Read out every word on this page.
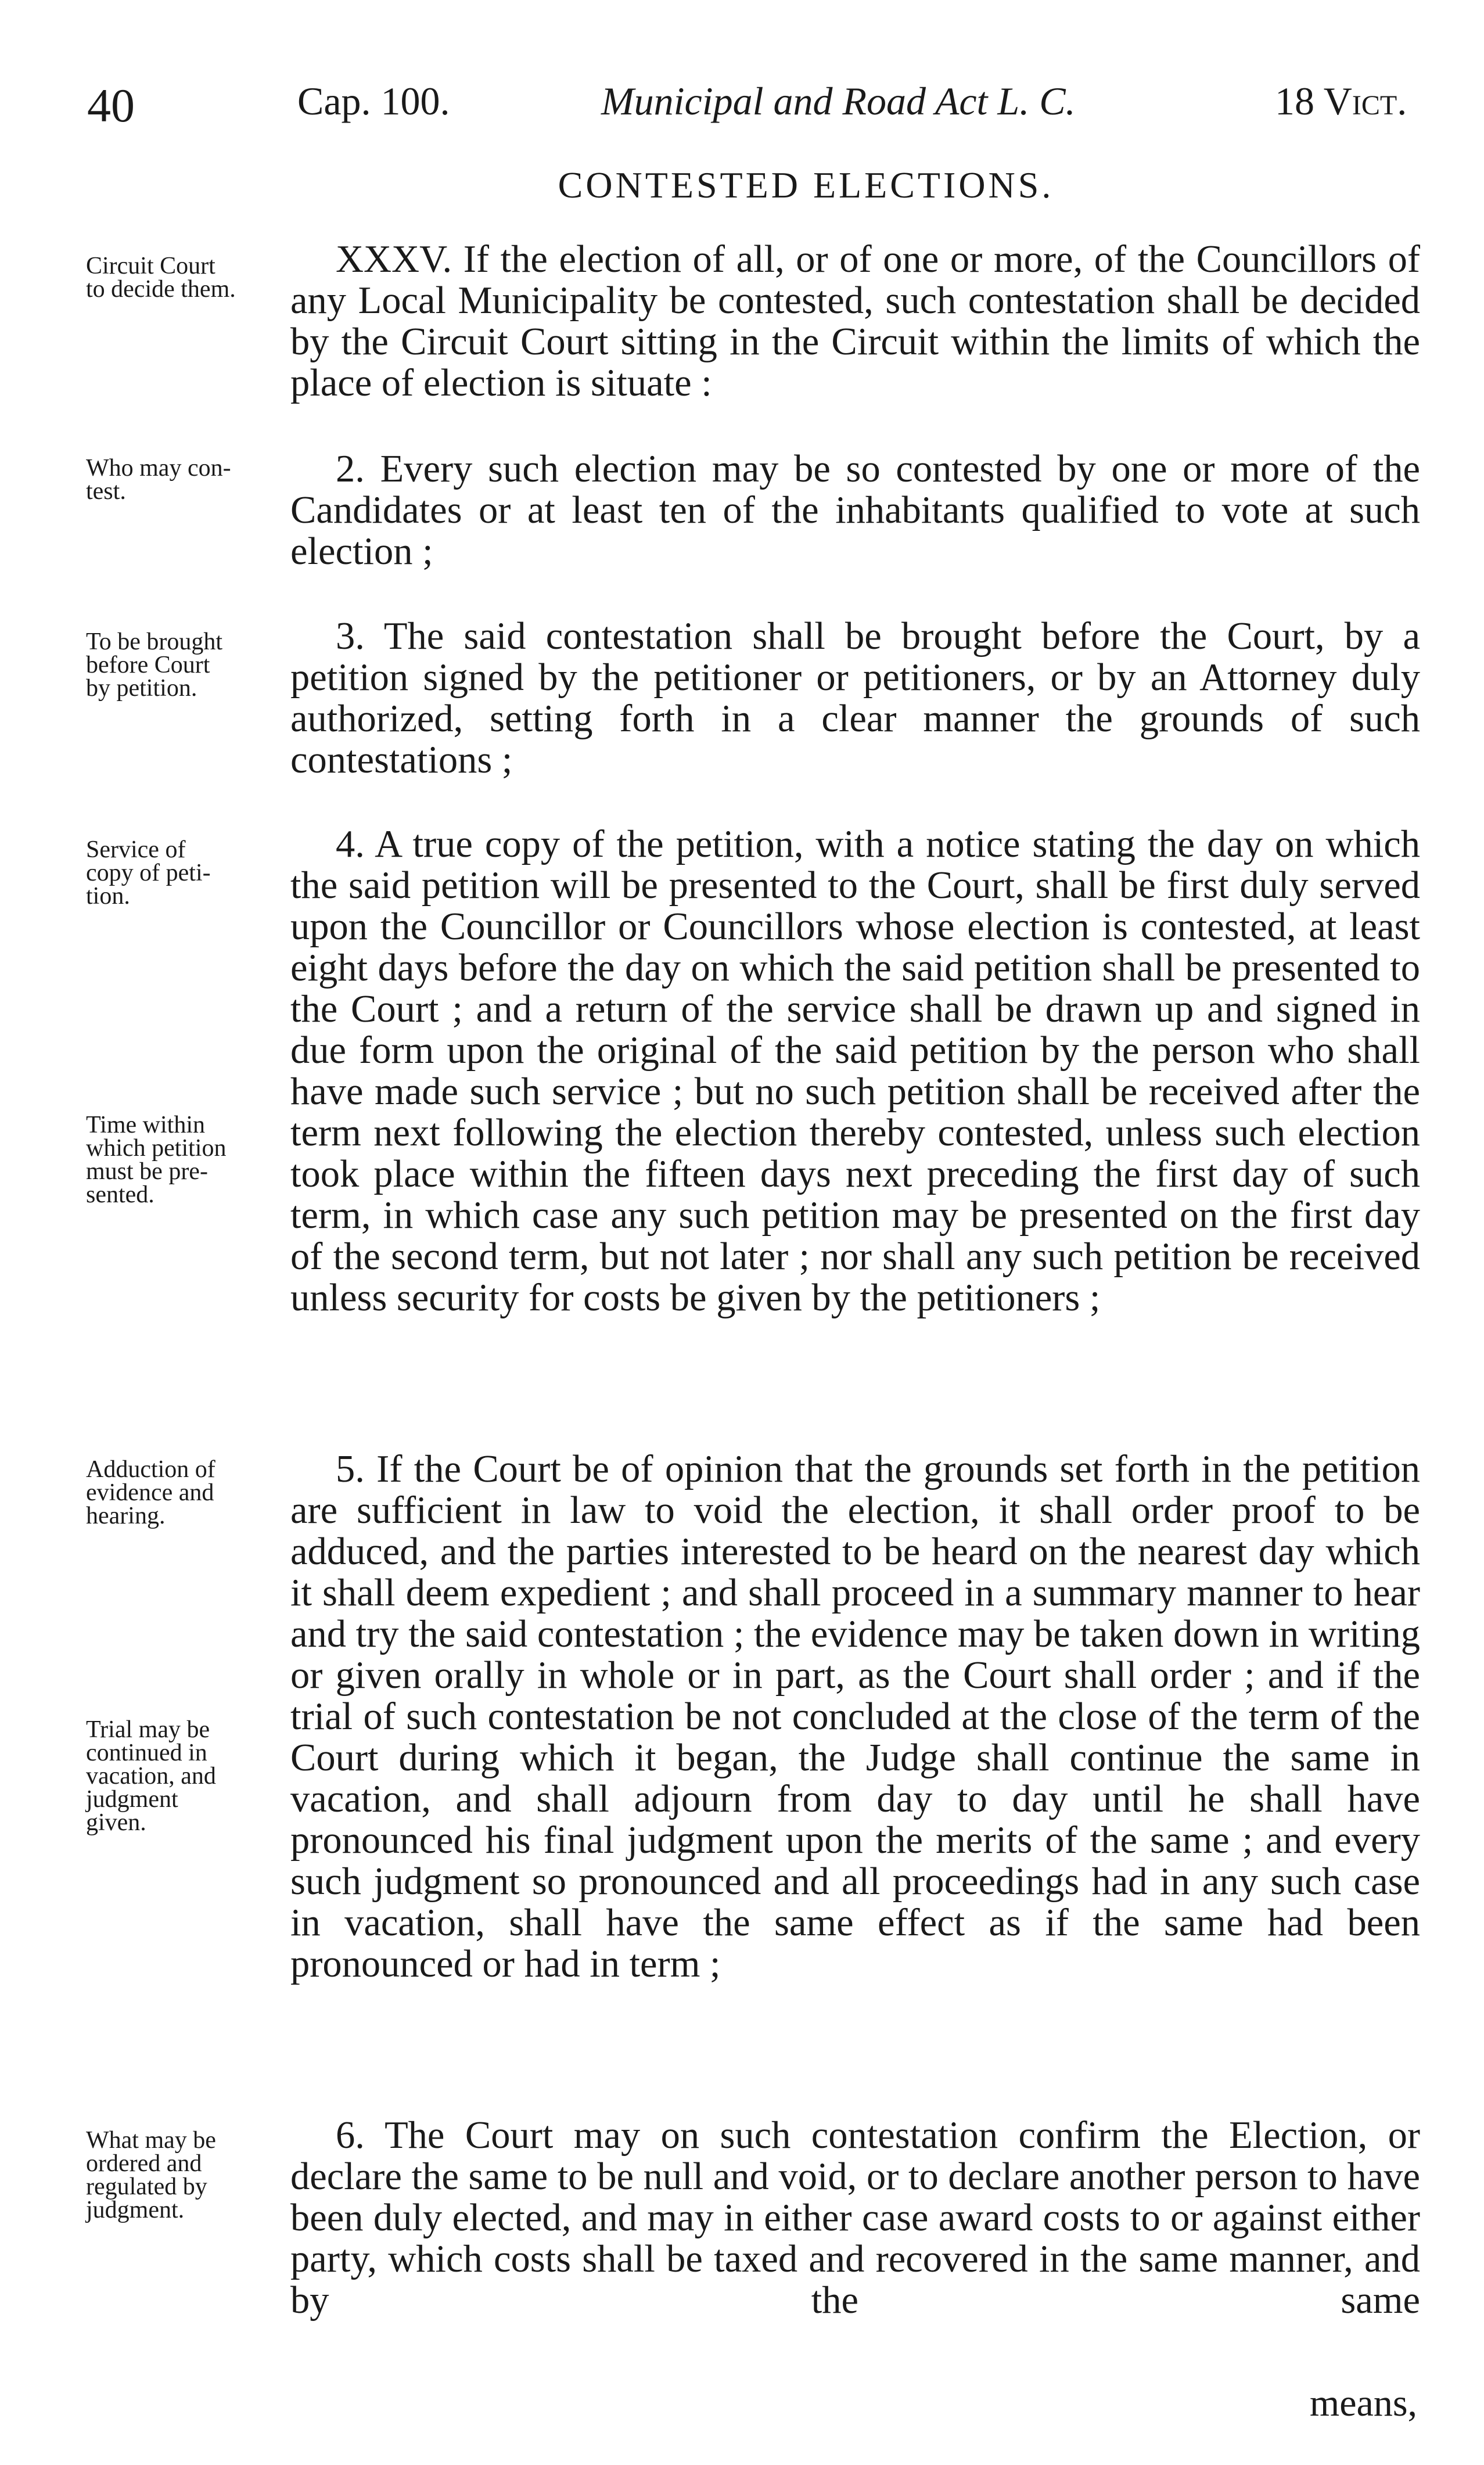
40	Cap. 100.	Municipal and Road Act L. C.	18 Vict.
CONTESTED ELECTIONS.
Circuit Court
to decide them.
XXXV. If the election of all, or of one or more, of the Councillors of any Local Municipality be contested, such contestation shall be decided by the Circuit Court sitting in the Circuit within the limits of which the place of election is situate :
Who may con-
test.
2. Every such election may be so contested by one or more of the Candidates or at least ten of the inhabitants qualified to vote at such election ;
To be brought
before Court
by petition.
3. The said contestation shall be brought before the Court, by a petition signed by the petitioner or petitioners, or by an Attorney duly authorized, setting forth in a clear manner the grounds of such contestations ;
Service of
copy of peti-
tion.
Time within
which petition
must be pre-
sented.
4. A true copy of the petition, with a notice stating the day on which the said petition will be presented to the Court, shall be first duly served upon the Councillor or Councillors whose election is contested, at least eight days before the day on which the said petition shall be presented to the Court ; and a return of the service shall be drawn up and signed in due form upon the original of the said petition by the person who shall have made such service ; but no such petition shall be received after the term next following the election thereby contested, unless such election took place within the fifteen days next preceding the first day of such term, in which case any such petition may be presented on the first day of the second term, but not later ; nor shall any such petition be received unless security for costs be given by the petitioners ;
Adduction of
evidence and
hearing.
Trial may be
continued in
vacation, and
judgment
given.
5. If the Court be of opinion that the grounds set forth in the petition are sufficient in law to void the election, it shall order proof to be adduced, and the parties interested to be heard on the nearest day which it shall deem expedient ; and shall proceed in a summary manner to hear and try the said contestation ; the evidence may be taken down in writing or given orally in whole or in part, as the Court shall order ; and if the trial of such contestation be not concluded at the close of the term of the Court during which it began, the Judge shall continue the same in vacation, and shall adjourn from day to day until he shall have pronounced his final judgment upon the merits of the same ; and every such judgment so pronounced and all proceedings had in any such case in vacation, shall have the same effect as if the same had been pronounced or had in term ;
What may be
ordered and
regulated by
judgment.
6. The Court may on such contestation confirm the Election, or declare the same to be null and void, or to declare another person to have been duly elected, and may in either case award costs to or against either party, which costs shall be taxed and recovered in the same manner, and by the same
means,
